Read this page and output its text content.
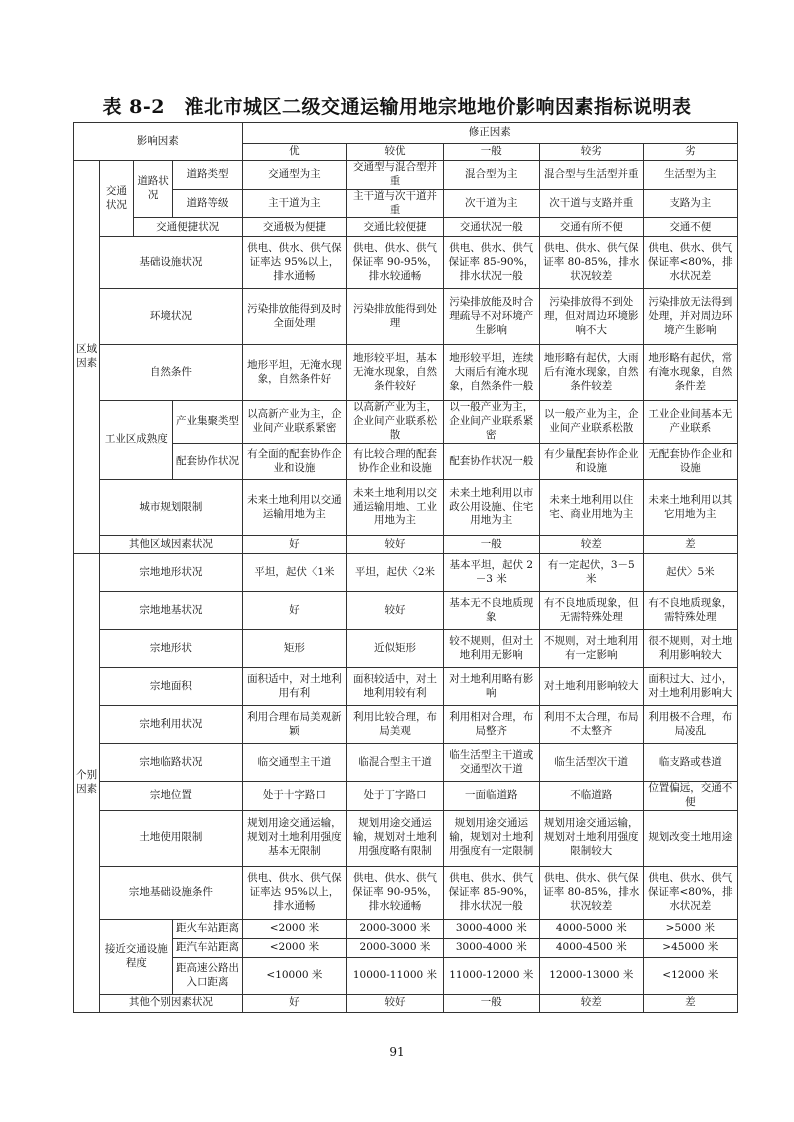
表 8-2　淮北市城区二级交通运输用地宗地地价影响因素指标说明表
影响因素				修正因素				
				优	较优	一般	较劣	劣
区域因素	交通状况	道路状况	道路类型	交通型为主	交通型与混合型并重	混合型为主	混合型与生活型并重	生活型为主
			道路等级	主干道为主	主干道与次干道并重	次干道为主	次干道与支路并重	支路为主
		交通便捷状况		交通极为便捷	交通比较便捷	交通状况一般	交通有所不便	交通不便
	基础设施状况			供电、供水、供气保证率达 95%以上，排水通畅	供电、供水、供气保证率 90-95%，排水较通畅	供电、供水、供气保证率 85-90%，排水状况一般	供电、供水、供气保证率 80-85%，排水状况较差	供电、供水、供气保证率<80%，排水状况差
	环境状况			污染排放能得到及时全面处理	污染排放能得到处理	污染排放能及时合理疏导不对环境产生影响	污染排放得不到处理，但对周边环境影响不大	污染排放无法得到处理，并对周边环境产生影响
	自然条件			地形平坦，无淹水现象，自然条件好	地形较平坦，基本无淹水现象，自然条件较好	地形较平坦，连续大雨后有淹水现象，自然条件一般	地形略有起伏，大雨后有淹水现象，自然条件较差	地形略有起伏，常有淹水现象，自然条件差
	工业区成熟度		产业集聚类型	以高新产业为主，企业间产业联系紧密	以高新产业为主，企业间产业联系松散	以一般产业为主，企业间产业联系紧密	以一般产业为主，企业间产业联系松散	工业企业间基本无产业联系
			配套协作状况	有全面的配套协作企业和设施	有比较合理的配套协作企业和设施	配套协作状况一般	有少量配套协作企业和设施	无配套协作企业和设施
	城市规划限制			未来土地利用以交通运输用地为主	未来土地利用以交通运输用地、工业用地为主	未来土地利用以市政公用设施、住宅用地为主	未来土地利用以住宅、商业用地为主	未来土地利用以其它用地为主
	其他区域因素状况			好	较好	一般	较差	差
个别因素	宗地地形状况			平坦，起伏〈1米	平坦，起伏〈2米	基本平坦，起伏 2－3 米	有一定起伏，3－5 米	起伏〉5米
	宗地地基状况			好	较好	基本无不良地质现象	有不良地质现象，但无需特殊处理	有不良地质现象，需特殊处理
	宗地形状			矩形	近似矩形	较不规则，但对土地利用无影响	不规则，对土地利用有一定影响	很不规则，对土地利用影响较大
	宗地面积			面积适中，对土地利用有利	面积较适中，对土地利用较有利	对土地利用略有影响	对土地利用影响较大	面积过大、过小，对土地利用影响大
	宗地利用状况			利用合理布局美观新颖	利用比较合理，布局美观	利用相对合理，布局整齐	利用不太合理，布局不太整齐	利用极不合理，布局凌乱
	宗地临路状况			临交通型主干道	临混合型主干道	临生活型主干道或交通型次干道	临生活型次干道	临支路或巷道
	宗地位置			处于十字路口	处于丁字路口	一面临道路	不临道路	位置偏远，交通不便
	土地使用限制			规划用途交通运输，规划对土地利用强度基本无限制	规划用途交通运输，规划对土地利用强度略有限制	规划用途交通运输，规划对土地利用强度有一定限制	规划用途交通运输，规划对土地利用强度限制较大	规划改变土地用途
	宗地基础设施条件			供电、供水、供气保证率达 95%以上，排水通畅	供电、供水、供气保证率 90-95%，排水较通畅	供电、供水、供气保证率 85-90%，排水状况一般	供电、供水、供气保证率 80-85%，排水状况较差	供电、供水、供气保证率<80%，排水状况差
	接近交通设施程度		距火车站距离	<2000 米	2000-3000 米	3000-4000 米	4000-5000 米	>5000 米
			距汽车站距离	<2000 米	2000-3000 米	3000-4000 米	4000-4500 米	>45000 米
			距高速公路出入口距离	<10000 米	10000-11000 米	11000-12000 米	12000-13000 米	<12000 米
	其他个别因素状况			好	较好	一般	较差	差
91
